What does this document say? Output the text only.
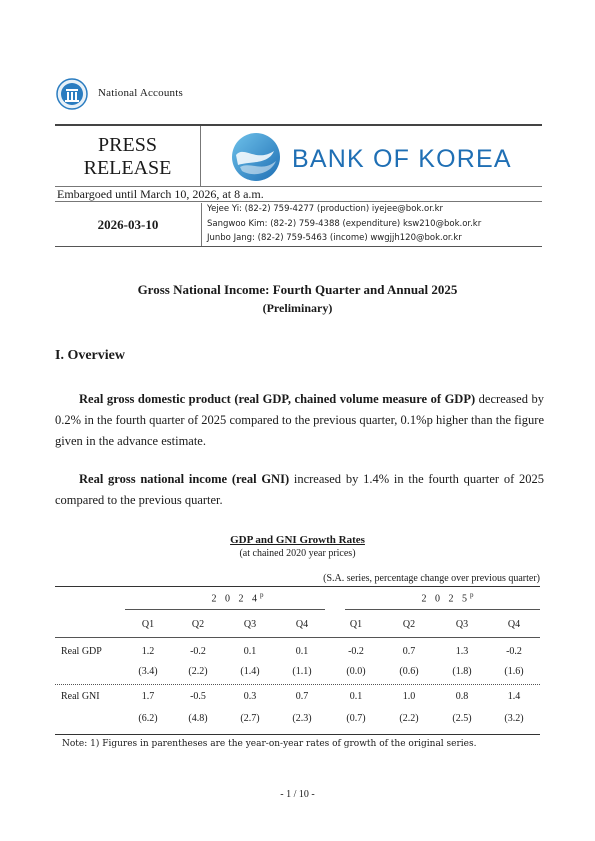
National Accounts
PRESS
RELEASE	BANK OF KOREA
Embargoed until March 10, 2026, at 8 a.m.
2026-03-10
Yejee Yi: (82-2) 759-4277 (production) iyejee@bok.or.kr
Sangwoo Kim: (82-2) 759-4388 (expenditure) ksw210@bok.or.kr
Junbo Jang: (82-2) 759-5463 (income) wwgjjh120@bok.or.kr
Gross National Income: Fourth Quarter and Annual 2025
(Preliminary)
I. Overview
Real gross domestic product (real GDP, chained volume measure of GDP) decreased by 0.2% in the fourth quarter of 2025 compared to the previous quarter, 0.1%p higher than the figure given in the advance estimate.
Real gross national income (real GNI) increased by 1.4% in the fourth quarter of 2025 compared to the previous quarter.
GDP and GNI Growth Rates
(at chained 2020 year prices)
(S.A. series, percentage change over previous quarter)
2 0 2 4$^p$	2 0 2 5$^p$
Q1	Q2	Q3	Q4	Q1	Q2	Q3	Q4
Real GDP	1.2	-0.2	0.1	0.1	-0.2	0.7	1.3	-0.2
(3.4)	(2.2)	(1.4)	(1.1)	(0.0)	(0.6)	(1.8)	(1.6)
Real GNI	1.7	-0.5	0.3	0.7	0.1	1.0	0.8	1.4
(6.2)	(4.8)	(2.7)	(2.3)	(0.7)	(2.2)	(2.5)	(3.2)
Note: 1) Figures in parentheses are the year-on-year rates of growth of the original series.
- 1 / 10 -
